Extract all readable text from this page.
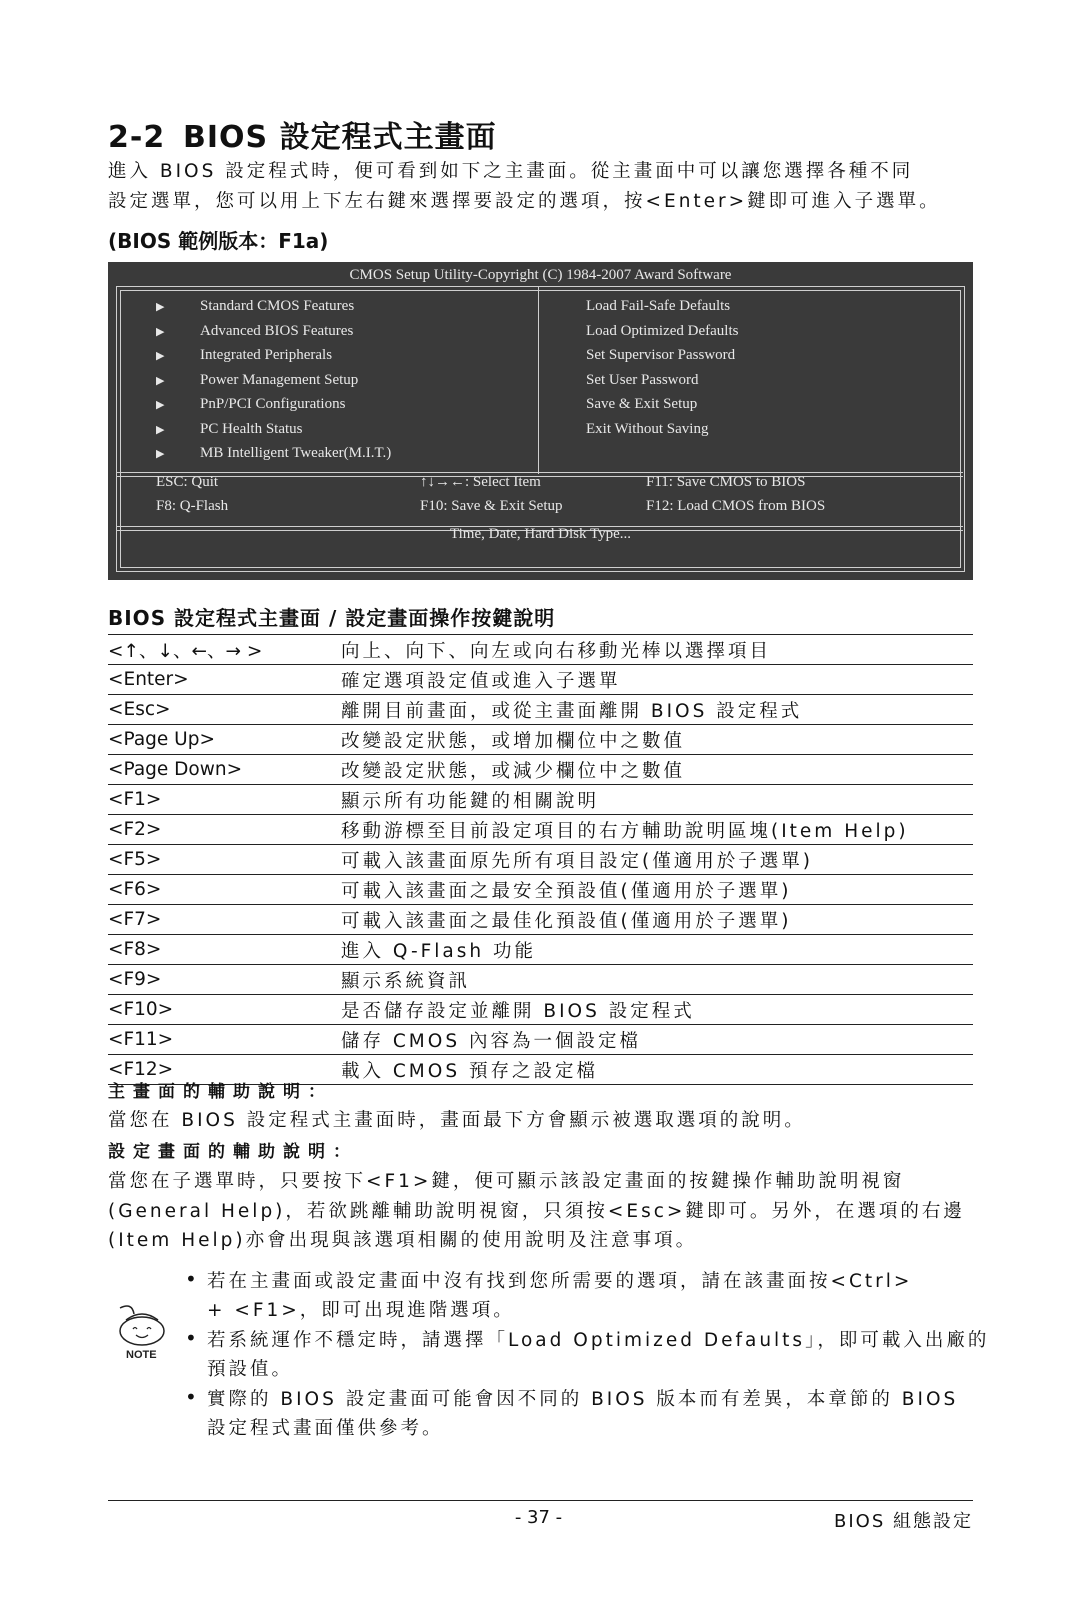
2-2 BIOS 設定程式主畫面
進入 BIOS 設定程式時，便可看到如下之主畫面。從主畫面中可以讓您選擇各種不同
設定選單，您可以用上下左右鍵來選擇要設定的選項，按<Enter>鍵即可進入子選單。
(BIOS 範例版本：F1a)
CMOS Setup Utility-Copyright (C) 1984-2007 Award Software
▶ Standard CMOS Features
▶ Advanced BIOS Features
▶ Integrated Peripherals
▶ Power Management Setup
▶ PnP/PCI Configurations
▶ PC Health Status
▶ MB Intelligent Tweaker(M.I.T.)
Load Fail-Safe Defaults
Load Optimized Defaults
Set Supervisor Password
Set User Password
Save & Exit Setup
Exit Without Saving
ESC: Quit	↑↓→←: Select Item	F11: Save CMOS to BIOS
F8: Q-Flash	F10: Save & Exit Setup	F12: Load CMOS from BIOS
Time, Date, Hard Disk Type...
BIOS 設定程式主畫面 / 設定畫面操作按鍵說明
<↑、↓、←、→ >	向上、向下、向左或向右移動光棒以選擇項目
<Enter>	確定選項設定值或進入子選單
<Esc>	離開目前畫面，或從主畫面離開 BIOS 設定程式
<Page Up>	改變設定狀態，或增加欄位中之數值
<Page Down>	改變設定狀態，或減少欄位中之數值
<F1>	顯示所有功能鍵的相關說明
<F2>	移動游標至目前設定項目的右方輔助說明區塊(Item Help)
<F5>	可載入該畫面原先所有項目設定(僅適用於子選單)
<F6>	可載入該畫面之最安全預設值(僅適用於子選單)
<F7>	可載入該畫面之最佳化預設值(僅適用於子選單)
<F8>	進入 Q-Flash 功能
<F9>	顯示系統資訊
<F10>	是否儲存設定並離開 BIOS 設定程式
<F11>	儲存 CMOS 內容為一個設定檔
<F12>	載入 CMOS 預存之設定檔
主畫面的輔助說明：
當您在 BIOS 設定程式主畫面時，畫面最下方會顯示被選取選項的說明。
設定畫面的輔助說明：
當您在子選單時，只要按下<F1>鍵，便可顯示該設定畫面的按鍵操作輔助說明視窗
(General Help)，若欲跳離輔助說明視窗，只須按<Esc>鍵即可。另外，在選項的右邊
(Item Help)亦會出現與該選項相關的使用說明及注意事項。
NOTE
• 若在主畫面或設定畫面中沒有找到您所需要的選項，請在該畫面按<Ctrl>
+ <F1>，即可出現進階選項。
• 若系統運作不穩定時，請選擇「Load Optimized Defaults」，即可載入出廠的
預設值。
• 實際的 BIOS 設定畫面可能會因不同的 BIOS 版本而有差異，本章節的 BIOS
設定程式畫面僅供參考。
- 37 -	BIOS 組態設定
